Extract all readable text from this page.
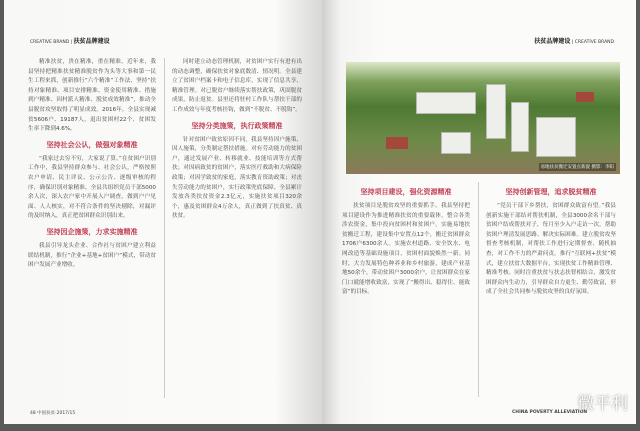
CREATIVE BRAND | 扶贫品牌建设

精准扶贫，贵在精准，重在精准。近年来，我县坚持把精准扶贫精准脱贫作为头等大事和第一民生工程来抓，创新推行“六个精准”工作法，坚持“扶持对象精准、项目安排精准、资金使用精准、措施到户精准、因村派人精准、脱贫成效精准”，推动全县脱贫攻坚取得了明显成效。2016年，全县实现减贫5606户、19187人，退出贫困村22个，贫困发生率下降到4.6%。

坚持社会公认，做强对象精准

“我家过去穷不穷，大家说了算。”在贫困户识别工作中，我县坚持群众参与、社会公认，严格按照农户申请、民主评议、公示公告、逐级审核的程序，确保识别对象精准。全县共组织党员干部5000余人次，深入农户家中开展入户调查，做到户户见面、人人核实，对不符合条件的坚决剔除，对漏评的及时纳入，真正把贫困群众识别出来。

坚持因企施策，力求实施精准

我县引导龙头企业、合作社与贫困户建立利益联结机制，推行“企业+基地+贫困户”模式，带动贫困户发展产业增收。

同时建立动态管理机制，对贫困户实行有进有出的动态调整，确保扶贫对象底数清、情况明。全县建立了贫困户档案卡和电子信息库，实现了信息共享、精准管理。对已脱贫户继续落实帮扶政策，巩固脱贫成果，防止返贫。县里还将驻村工作队与帮扶干部的工作成效与年度考核挂钩，做到“不脱贫、不脱钩”。

坚持分类施策，执行政策精准

针对贫困户致贫原因不同，我县坚持因户施策、因人施策，分类制定帮扶措施。对有劳动能力的贫困户，通过发展产业、转移就业、技能培训等方式帮扶；对因病致贫的贫困户，落实医疗救助和大病保险政策；对因学致贫的家庭，落实教育资助政策；对丧失劳动能力的贫困户，实行政策兜底保障。全县累计发放各类扶贫资金2.3亿元，实施扶贫项目320余个，惠及贫困群众4万余人，真正做到了扶真贫、真扶贫。

48 中国扶贫·2017/15
扶贫品牌建设 | CREATIVE BRAND
易地扶贫搬迁安置点新貌 摄影：李阳

坚持项目建设，强化资源精准

扶贫项目是脱贫攻坚的重要抓手。我县坚持把项目建设作为推进精准扶贫的重要载体，整合各类涉农资金，集中投向贫困村和贫困户。实施易地扶贫搬迁工程，建设集中安置点12个，搬迁贫困群众1706户6300余人。实施农村道路、安全饮水、电网改造等基础设施项目，贫困村面貌焕然一新。同时，大力发展特色种养业和乡村旅游，建成产业基地50余个，带动贫困户3000余户，让贫困群众在家门口就能增收致富，实现了“搬得出、稳得住、能致富”的目标。

坚持创新管理，追求脱贫精准

“党员干部下乡帮扶，贫困群众致富有望。”我县创新实施干部结对帮扶机制，全县3000余名干部与贫困户结成帮扶对子，每月至少入户走访一次，帮助贫困户理清发展思路、解决实际困难。建立脱贫攻坚督查考核机制，对帮扶工作进行定期督查、随机抽查，对工作不力的严肃问责。推行“互联网+扶贫”模式，建立扶贫大数据平台，实现扶贫工作精准管理、精准考核。同时注重扶贫与扶志扶智相结合，激发贫困群众内生动力，引导群众自力更生、勤劳致富，形成了全社会共同参与脱贫攻坚的良好氛围。

CHINA POVERTY ALLEVIATION
微平利
